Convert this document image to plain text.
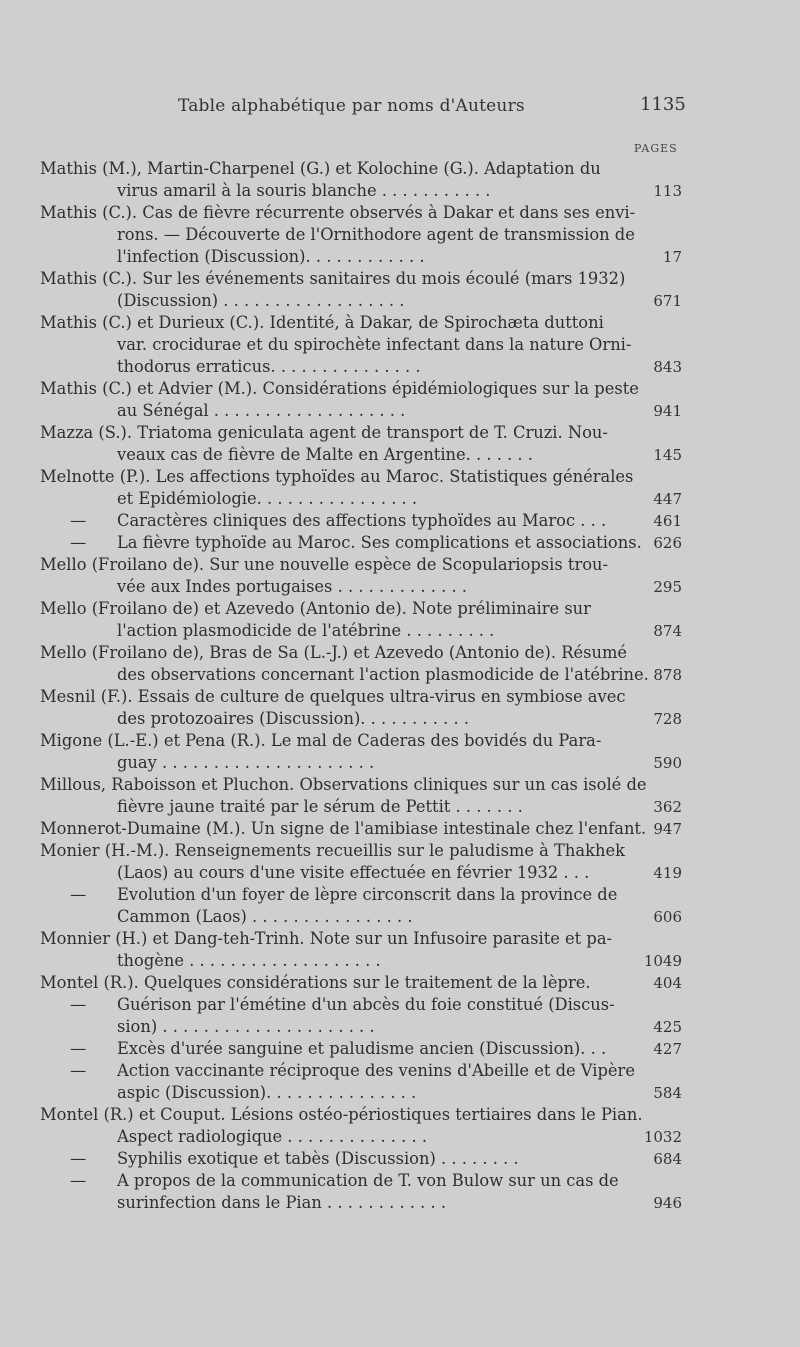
Table alphabétique par noms d'Auteurs	1135
PAGES
Mathis (M.), Martin-Charpenel (G.) et Kolochine (G.). Adaptation du
virus amaril à la souris blanche . . . . . . . . . . .	113
Mathis (C.). Cas de fièvre récurrente observés à Dakar et dans ses envi-
rons. — Découverte de l'Ornithodore agent de transmission de
l'infection (Discussion). . . . . . . . . . . .	17
Mathis (C.). Sur les événements sanitaires du mois écoulé (mars 1932)
(Discussion) . . . . . . . . . . . . . . . . . .	671
Mathis (C.) et Durieux (C.). Identité, à Dakar, de Spirochæta duttoni
var. crocidurae et du spirochète infectant dans la nature Orni-
thodorus erraticus. . . . . . . . . . . . . . .	843
Mathis (C.) et Advier (M.). Considérations épidémiologiques sur la peste
au Sénégal . . . . . . . . . . . . . . . . . . .	941
Mazza (S.). Triatoma geniculata agent de transport de T. Cruzi. Nou-
veaux cas de fièvre de Malte en Argentine. . . . . . .	145
Melnotte (P.). Les affections typhoïdes au Maroc. Statistiques générales
et Epidémiologie. . . . . . . . . . . . . . . .	447
— Caractères cliniques des affections typhoïdes au Maroc . . .	461
— La fièvre typhoïde au Maroc. Ses complications et associations. 626
Mello (Froilano de). Sur une nouvelle espèce de Scopulariopsis trou-
vée aux Indes portugaises . . . . . . . . . . . . .	295
Mello (Froilano de) et Azevedo (Antonio de). Note préliminaire sur
l'action plasmodicide de l'atébrine . . . . . . . . .	874
Mello (Froilano de), Bras de Sa (L.-J.) et Azevedo (Antonio de). Résumé
des observations concernant l'action plasmodicide de l'atébrine. 878
Mesnil (F.). Essais de culture de quelques ultra-virus en symbiose avec
des protozoaires (Discussion). . . . . . . . . . .	728
Migone (L.-E.) et Pena (R.). Le mal de Caderas des bovidés du Para-
guay . . . . . . . . . . . . . . . . . . . . .	590
Millous, Raboisson et Pluchon. Observations cliniques sur un cas isolé de
fièvre jaune traité par le sérum de Pettit . . . . . . .	362
Monnerot-Dumaine (M.). Un signe de l'amibiase intestinale chez l'enfant. 947
Monier (H.-M.). Renseignements recueillis sur le paludisme à Thakhek
(Laos) au cours d'une visite effectuée en février 1932 . . .	419
— Evolution d'un foyer de lèpre circonscrit dans la province de
Cammon (Laos) . . . . . . . . . . . . . . . .	606
Monnier (H.) et Dang-teh-Trinh. Note sur un Infusoire parasite et pa-
thogène . . . . . . . . . . . . . . . . . . .	1049
Montel (R.). Quelques considérations sur le traitement de la lèpre.	404
— Guérison par l'émétine d'un abcès du foie constitué (Discus-
sion) . . . . . . . . . . . . . . . . . . . . .	425
— Excès d'urée sanguine et paludisme ancien (Discussion). . .	427
— Action vaccinante réciproque des venins d'Abeille et de Vipère
aspic (Discussion). . . . . . . . . . . . . . .	584
Montel (R.) et Couput. Lésions ostéo-périostiques tertiaires dans le Pian.
Aspect radiologique . . . . . . . . . . . . . .	1032
— Syphilis exotique et tabès (Discussion) . . . . . . . .	684
— A propos de la communication de T. von Bulow sur un cas de
surinfection dans le Pian . . . . . . . . . . . .	946
